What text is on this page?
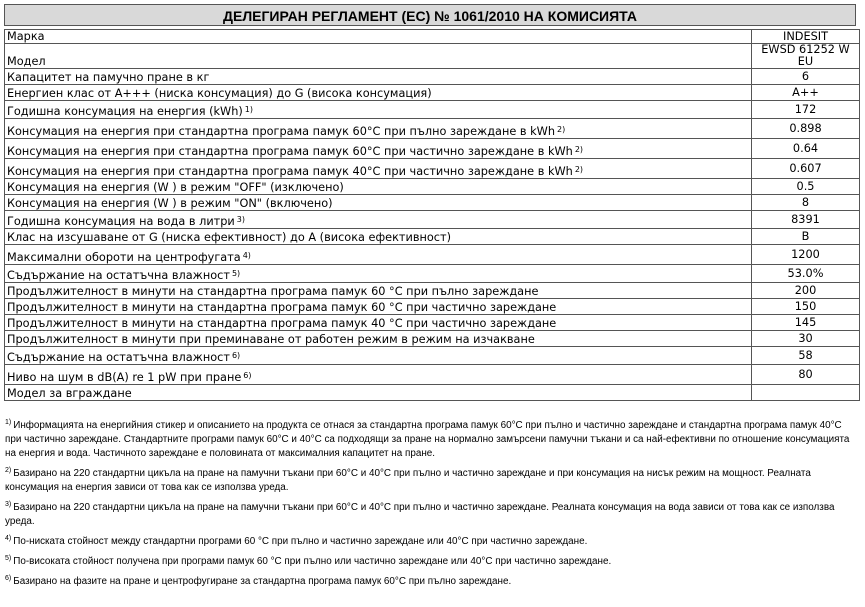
ДЕЛЕГИРАН РЕГЛАМЕНТ (ЕС) № 1061/2010 НА КОМИСИЯТА
Марка	INDESIT
Модел	EWSD 61252 W EU
Капацитет на памучно пране в кг	6
Енергиен клас от A+++ (ниска консумация) до G (висока консумация)	A++
Годишна консумация на енергия (kWh) $^{1)}$	172
Консумация на енергия при стандартна програма памук 60°C при пълно зареждане в kWh $^{2)}$	0.898
Консумация на енергия при стандартна програма памук 60°C при частично зареждане в kWh $^{2)}$	0.64
Консумация на енергия при стандартна програма памук 40°C при частично зареждане в kWh $^{2)}$	0.607
Консумация на енергия (W ) в режим "OFF" (изключено)	0.5
Консумация на енергия (W ) в режим "ON" (включено)	8
Годишна консумация на вода в литри $^{3)}$	8391
Клас на изсушаване от G (ниска ефективност) до A (висока ефективност)	B
Максимални обороти на центрофугата $^{4)}$	1200
Съдържание на остатъчна влажност $^{5)}$	53.0%
Продължителност в минути на стандартна програма памук 60 °C при пълно зареждане	200
Продължителност в минути на стандартна програма памук 60 °C при частично зареждане	150
Продължителност в минути на стандартна програма памук 40 °C при частично зареждане	145
Продължителност в минути при преминаване от работен режим в режим на изчакване	30
Съдържание на остатъчна влажност $^{6)}$	58
Ниво на шум в dB(A) re 1 pW при пране $^{6)}$	80
Модел за вграждане	
$^{1)}$ Информацията на енергийния стикер и описанието на продукта се отнася за стандартна програма памук 60°C при пълно и частично зареждане и стандартна програма памук 40°C при частично зареждане. Стандартните програми памук 60°C и 40°C са подходящи за пране на нормално замърсени памучни тъкани и са най-ефективни по отношение консумацията на енергия и вода. Частичното зареждане е половината от максималния капацитет на пране.
$^{2)}$ Базирано на 220 стандартни цикъла на пране на памучни тъкани при 60°C и 40°C при пълно и частично зареждане и при консумация на нисък режим на мощност. Реалната консумация на енергия зависи от това как се използва уреда.
$^{3)}$ Базирано на 220 стандартни цикъла на пране на памучни тъкани при 60°C и 40°C при пълно и частично зареждане. Реалната консумация на вода зависи от това как се използва уреда.
$^{4)}$ По-ниската стойност между стандартни програми 60 °C при пълно и частично зареждане или 40°C при частично зареждане.
$^{5)}$ По-високата стойност получена при програми памук 60 °C при пълно или частично зареждане или 40°C при частично зареждане.
$^{6)}$ Базирано на фазите на пране и центрофугиране за стандартна програма памук 60°C при пълно зареждане.
